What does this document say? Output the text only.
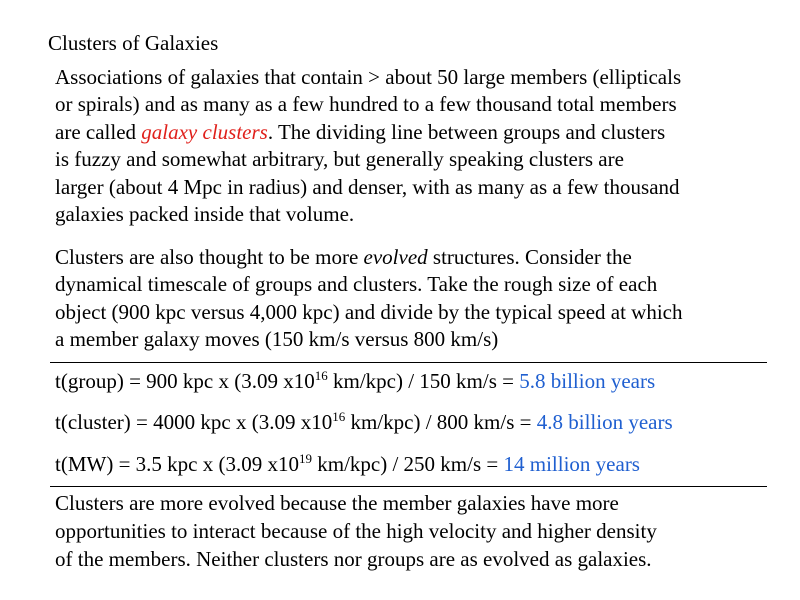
Clusters of Galaxies
Associations of galaxies that contain > about 50 large members (ellipticals
or spirals) and as many as a few hundred to a few thousand total members
are called galaxy clusters. The dividing line between groups and clusters
is fuzzy and somewhat arbitrary, but generally speaking clusters are
larger (about 4 Mpc in radius) and denser, with as many as a few thousand
galaxies packed inside that volume.
Clusters are also thought to be more evolved structures. Consider the
dynamical timescale of groups and clusters. Take the rough size of each
object (900 kpc versus 4,000 kpc) and divide by the typical speed at which
a member galaxy moves (150 km/s versus 800 km/s)
t(group) = 900 kpc x (3.09 $x10^{16}$ km/kpc) / 150 km/s = 5.8 billion years
t(cluster) = 4000 kpc x (3.09 $x10^{16}$ km/kpc) / 800 km/s = 4.8 billion years
t(MW) = 3.5 kpc x (3.09 $x10^{19}$ km/kpc) / 250 km/s = 14 million years
Clusters are more evolved because the member galaxies have more
opportunities to interact because of the high velocity and higher density
of the members. Neither clusters nor groups are as evolved as galaxies.
